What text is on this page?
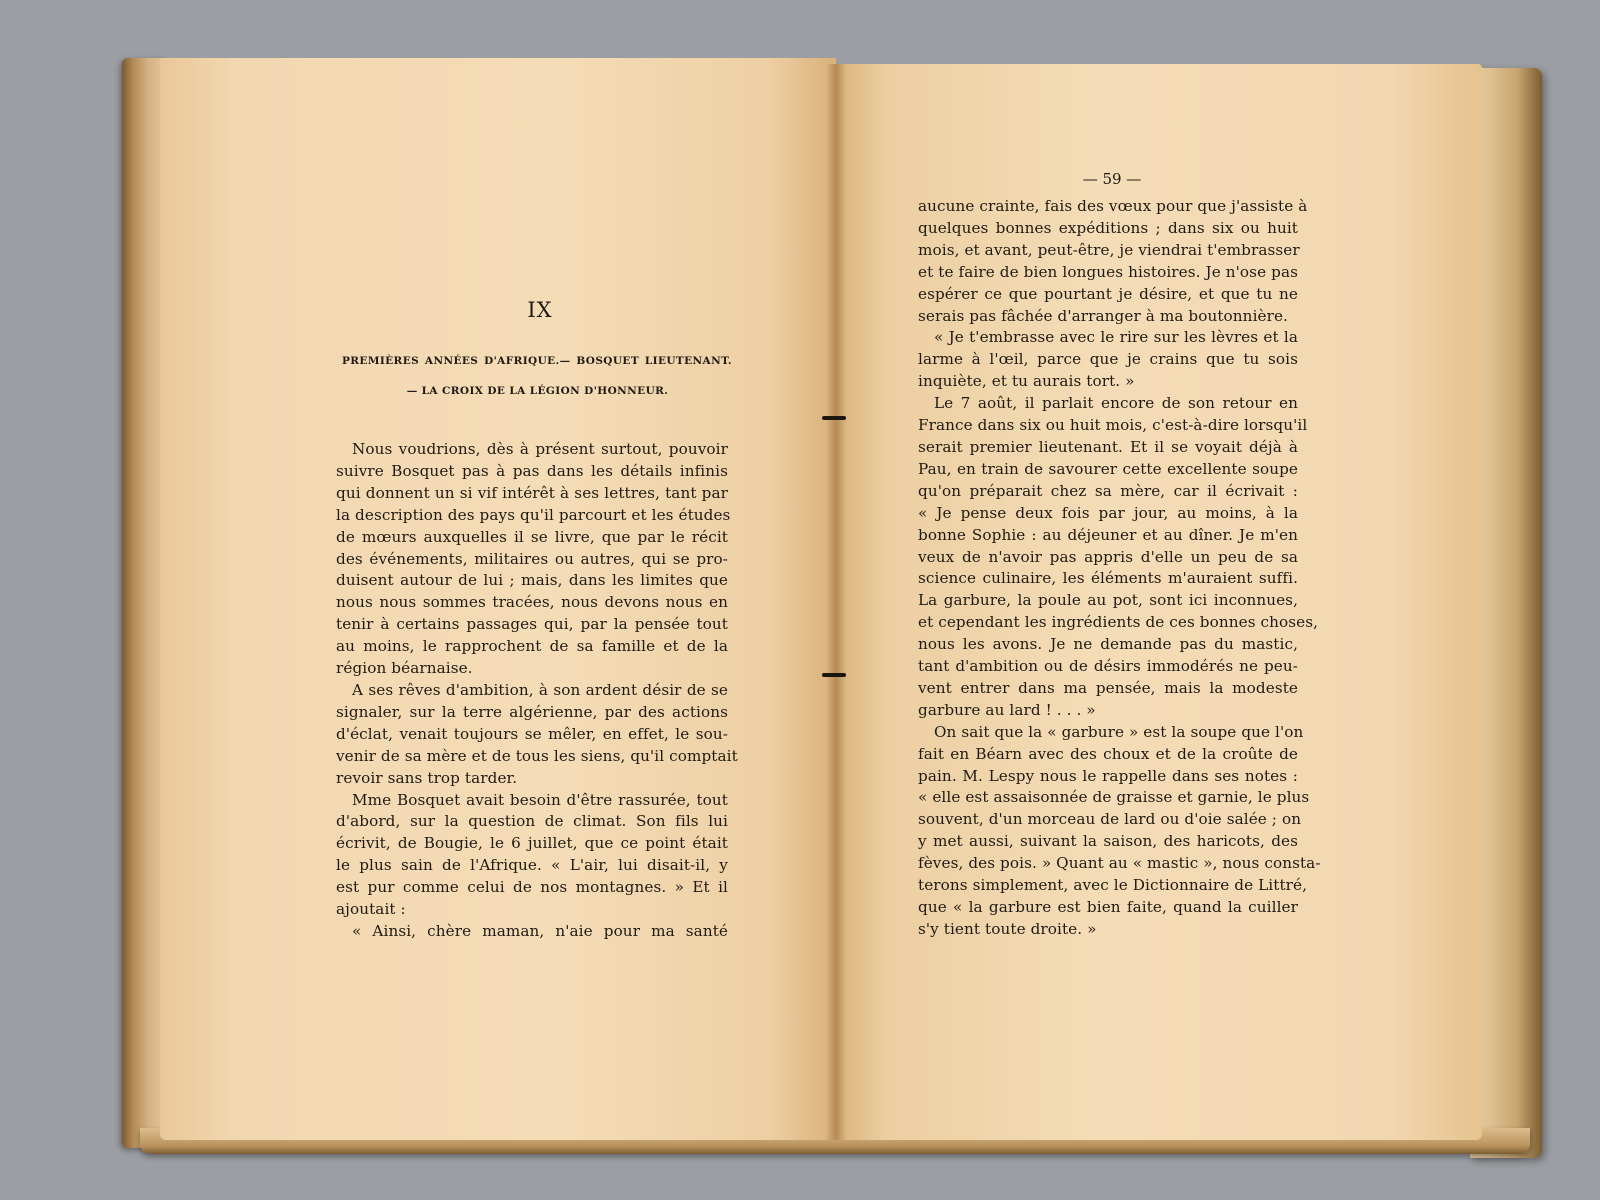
IX
PREMIÈRES ANNÉES D'AFRIQUE.— BOSQUET LIEUTENANT.
— LA CROIX DE LA LÉGION D'HONNEUR.
Nous voudrions, dès à présent surtout, pouvoir
suivre Bosquet pas à pas dans les détails infinis
qui donnent un si vif intérêt à ses lettres, tant par
la description des pays qu'il parcourt et les études
de mœurs auxquelles il se livre, que par le récit
des événements, militaires ou autres, qui se pro-
duisent autour de lui ; mais, dans les limites que
nous nous sommes tracées, nous devons nous en
tenir à certains passages qui, par la pensée tout
au moins, le rapprochent de sa famille et de la
région béarnaise.
A ses rêves d'ambition, à son ardent désir de se
signaler, sur la terre algérienne, par des actions
d'éclat, venait toujours se mêler, en effet, le sou-
venir de sa mère et de tous les siens, qu'il comptait
revoir sans trop tarder.
Mme Bosquet avait besoin d'être rassurée, tout
d'abord, sur la question de climat. Son fils lui
écrivit, de Bougie, le 6 juillet, que ce point était
le plus sain de l'Afrique. « L'air, lui disait-il, y
est pur comme celui de nos montagnes. » Et il
ajoutait :
« Ainsi, chère maman, n'aie pour ma santé
— 59 —
aucune crainte, fais des vœux pour que j'assiste à
quelques bonnes expéditions ; dans six ou huit
mois, et avant, peut-être, je viendrai t'embrasser
et te faire de bien longues histoires. Je n'ose pas
espérer ce que pourtant je désire, et que tu ne
serais pas fâchée d'arranger à ma boutonnière.
« Je t'embrasse avec le rire sur les lèvres et la
larme à l'œil, parce que je crains que tu sois
inquiète, et tu aurais tort. »
Le 7 août, il parlait encore de son retour en
France dans six ou huit mois, c'est-à-dire lorsqu'il
serait premier lieutenant. Et il se voyait déjà à
Pau, en train de savourer cette excellente soupe
qu'on préparait chez sa mère, car il écrivait :
« Je pense deux fois par jour, au moins, à la
bonne Sophie : au déjeuner et au dîner. Je m'en
veux de n'avoir pas appris d'elle un peu de sa
science culinaire, les éléments m'auraient suffi.
La garbure, la poule au pot, sont ici inconnues,
et cependant les ingrédients de ces bonnes choses,
nous les avons. Je ne demande pas du mastic,
tant d'ambition ou de désirs immodérés ne peu-
vent entrer dans ma pensée, mais la modeste
garbure au lard ! . . . »
On sait que la « garbure » est la soupe que l'on
fait en Béarn avec des choux et de la croûte de
pain. M. Lespy nous le rappelle dans ses notes :
« elle est assaisonnée de graisse et garnie, le plus
souvent, d'un morceau de lard ou d'oie salée ; on
y met aussi, suivant la saison, des haricots, des
fèves, des pois. » Quant au « mastic », nous consta-
terons simplement, avec le Dictionnaire de Littré,
que « la garbure est bien faite, quand la cuiller
s'y tient toute droite. »
